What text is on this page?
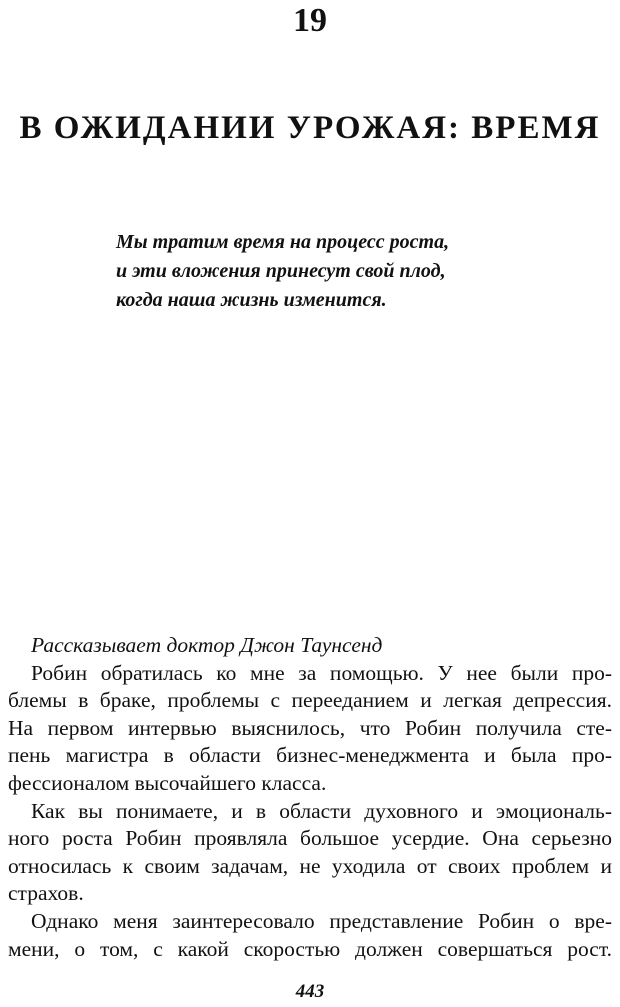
19
В ОЖИДАНИИ УРОЖАЯ: ВРЕМЯ
Мы тратим время на процесс роста,
и эти вложения принесут свой плод,
когда наша жизнь изменится.
Рассказывает доктор Джон Таунсенд
Робин обратилась ко мне за помощью. У нее были про-
блемы в браке, проблемы с перееданием и легкая депрессия.
На первом интервью выяснилось, что Робин получила сте-
пень магистра в области бизнес-менеджмента и была про-
фессионалом высочайшего класса.
Как вы понимаете, и в области духовного и эмоциональ-
ного роста Робин проявляла большое усердие. Она серьезно
относилась к своим задачам, не уходила от своих проблем и
страхов.
Однако меня заинтересовало представление Робин о вре-
мени, о том, с какой скоростью должен совершаться рост.
443
